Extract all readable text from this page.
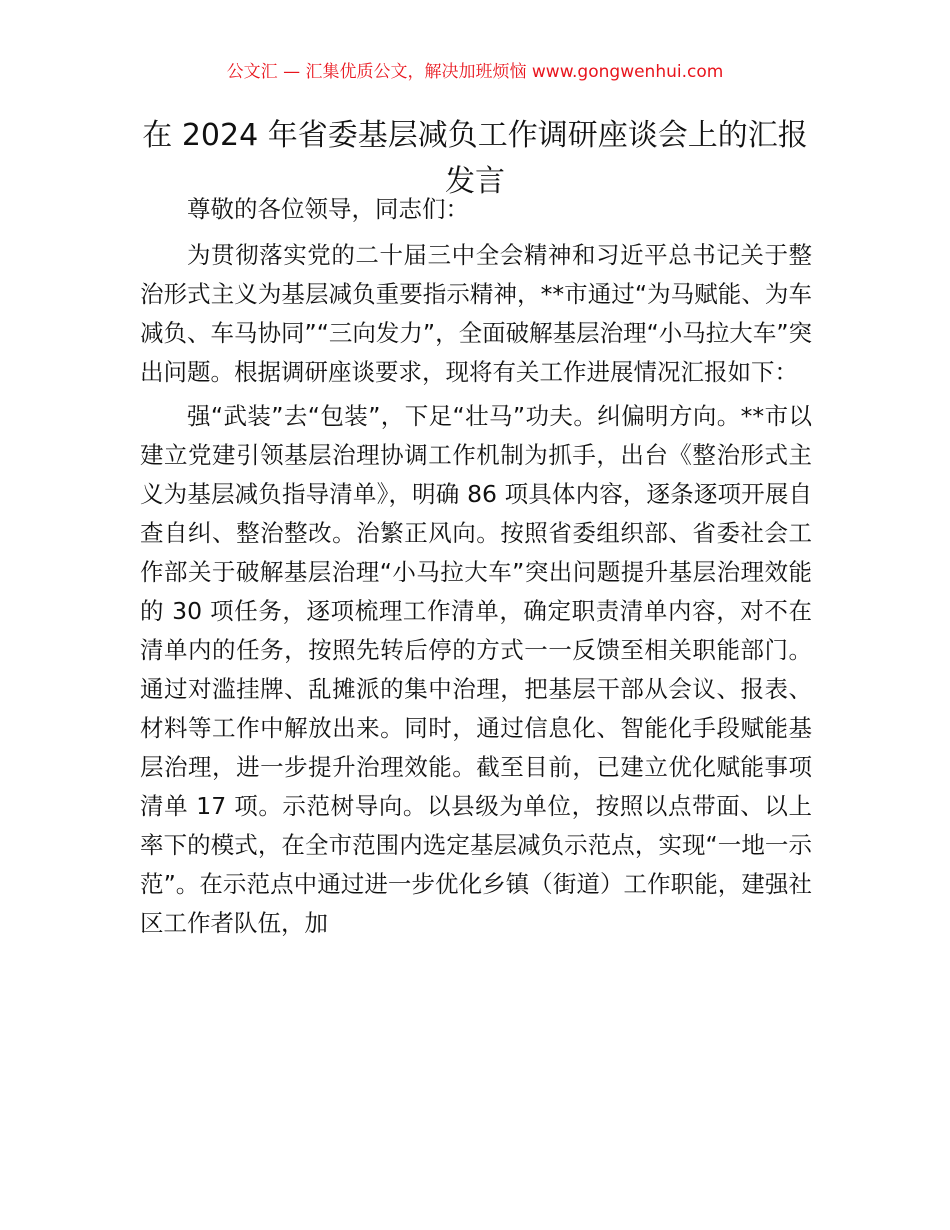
公文汇 — 汇集优质公文，解决加班烦恼 www.gongwenhui.com
在 2024 年省委基层减负工作调研座谈会上的汇报发言

尊敬的各位领导，同志们：

为贯彻落实党的二十届三中全会精神和习近平总书记关于整治形式主义为基层减负重要指示精神，**市通过“为马赋能、为车减负、车马协同”“三向发力”，全面破解基层治理“小马拉大车”突出问题。根据调研座谈要求，现将有关工作进展情况汇报如下：

强“武装”去“包装”，下足“壮马”功夫。纠偏明方向。**市以建立党建引领基层治理协调工作机制为抓手，出台《整治形式主义为基层减负指导清单》，明确 86 项具体内容，逐条逐项开展自查自纠、整治整改。治繁正风向。按照省委组织部、省委社会工作部关于破解基层治理“小马拉大车”突出问题提升基层治理效能的 30 项任务，逐项梳理工作清单，确定职责清单内容，对不在清单内的任务，按照先转后停的方式一一反馈至相关职能部门。通过对滥挂牌、乱摊派的集中治理，把基层干部从会议、报表、材料等工作中解放出来。同时，通过信息化、智能化手段赋能基层治理，进一步提升治理效能。截至目前，已建立优化赋能事项清单 17 项。示范树导向。以县级为单位，按照以点带面、以上率下的模式，在全市范围内选定基层减负示范点，实现“一地一示范”。在示范点中通过进一步优化乡镇（街道）工作职能，建强社区工作者队伍，加
